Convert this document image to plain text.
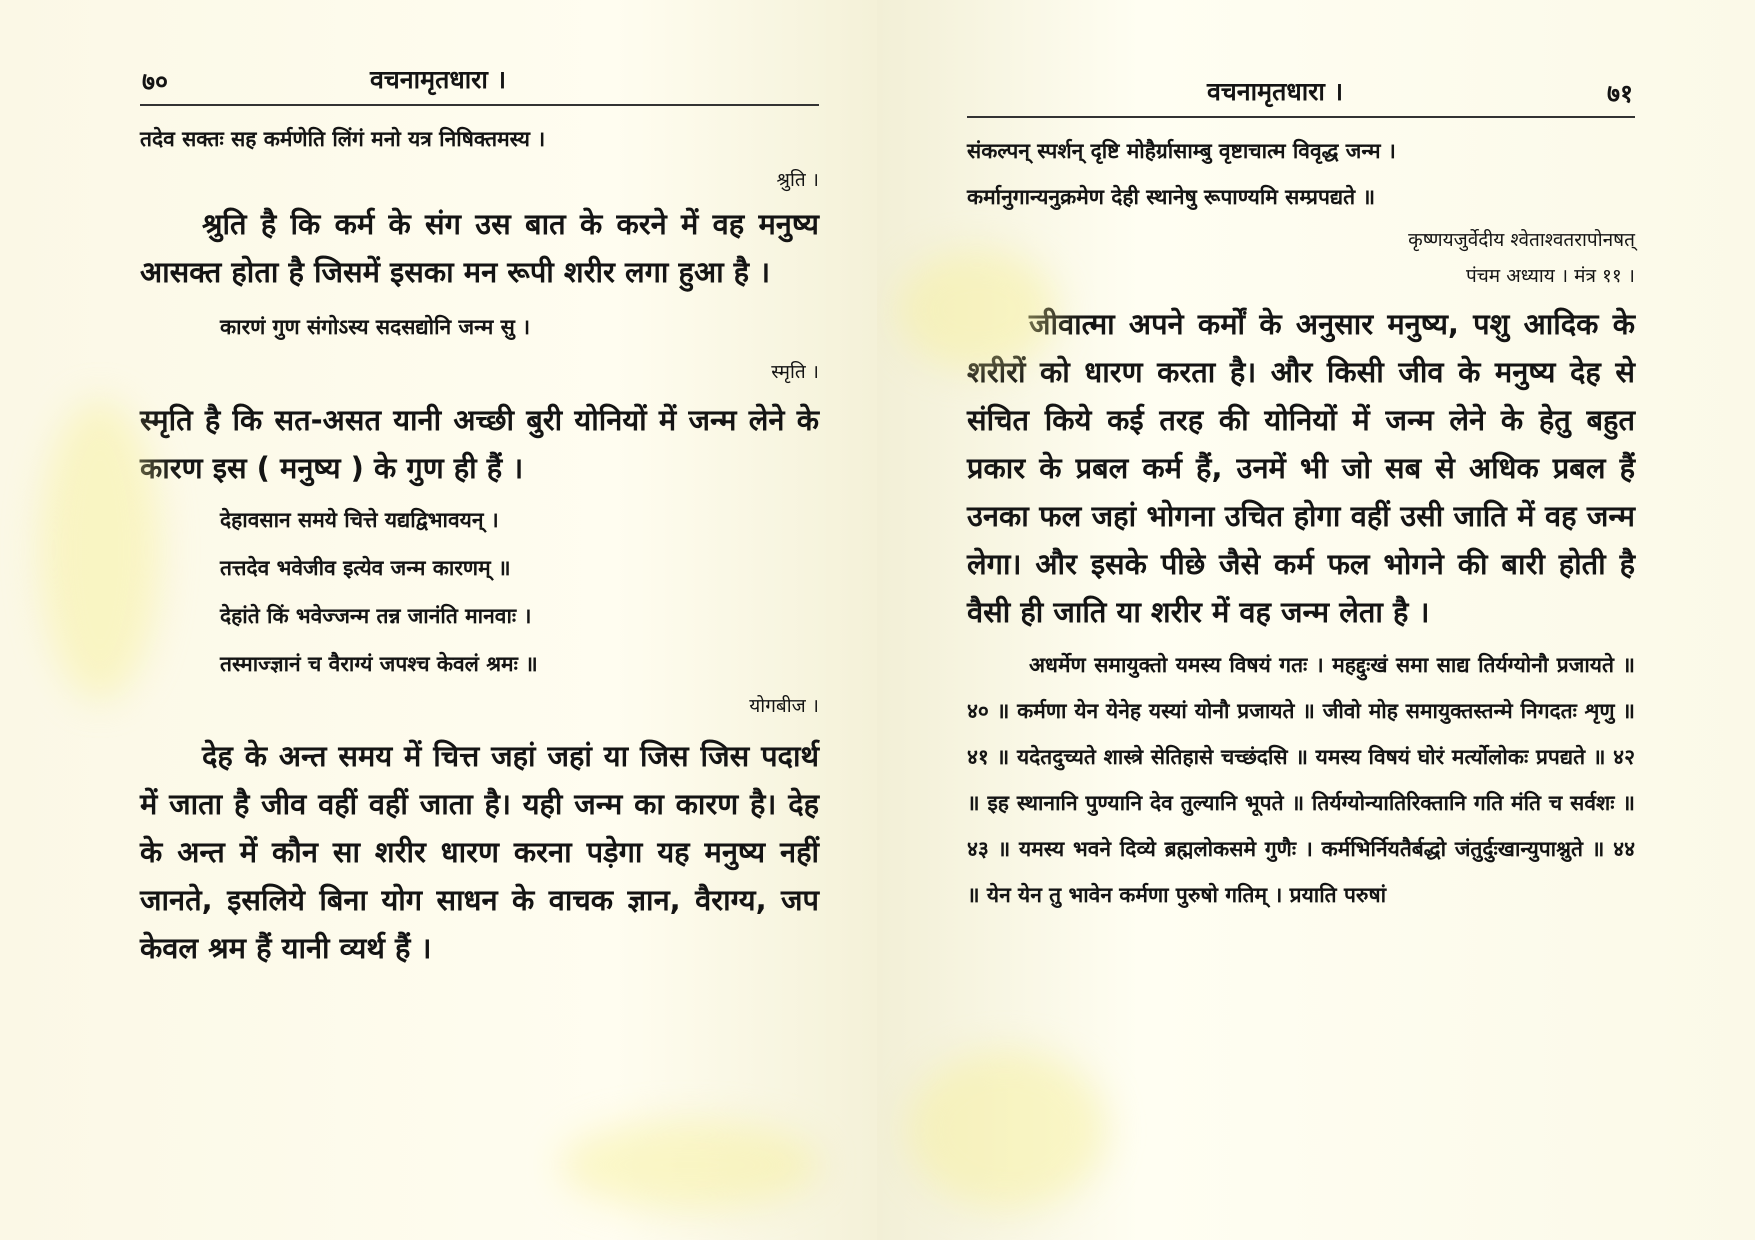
७०	वचनामृतधारा ।

तदेव सक्तः सह कर्मणेति लिंगं मनो यत्र निषिक्तमस्य ।

श्रुति ।

श्रुति है कि कर्म के संग उस बात के करने में वह मनुष्य आसक्त होता है जिसमें इसका मन रूपी शरीर लगा हुआ है ।

कारणं गुण संगोऽस्य सदसद्योनि जन्म सु ।

स्मृति ।

स्मृति है कि सत-असत यानी अच्छी बुरी योनियों में जन्म लेने के कारण इस ( मनुष्य ) के गुण ही हैं ।

देहावसान समये चित्ते यद्यद्विभावयन् ।

तत्तदेव भवेजीव इत्येव जन्म कारणम् ॥

देहांते किं भवेज्जन्म तन्न जानंति मानवाः ।

तस्माज्ज्ञानं च वैराग्यं जपश्च केवलं श्रमः ॥

योगबीज ।

देह के अन्त समय में चित्त जहां जहां या जिस जिस पदार्थ में जाता है जीव वहीं वहीं जाता है। यही जन्म का कारण है। देह के अन्त में कौन सा शरीर धारण करना पड़ेगा यह मनुष्य नहीं जानते, इसलिये बिना योग साधन के वाचक ज्ञान, वैराग्य, जप केवल श्रम हैं यानी व्यर्थ हैं ।

वचनामृतधारा ।	७१

संकल्पन् स्पर्शन् दृष्टि मोहैर्ग्रासाम्बु वृष्टाचात्म विवृद्ध जन्म ।

कर्मानुगान्यनुक्रमेण देही स्थानेषु रूपाण्यमि सम्प्रपद्यते ॥

कृष्णयजुर्वेदीय श्वेताश्वतरापोनषत्

पंचम अध्याय । मंत्र ११ ।

जीवात्मा अपने कर्मों के अनुसार मनुष्य, पशु आदिक के शरीरों को धारण करता है। और किसी जीव के मनुष्य देह से संचित किये कई तरह की योनियों में जन्म लेने के हेतु बहुत प्रकार के प्रबल कर्म हैं, उनमें भी जो सब से अधिक प्रबल हैं उनका फल जहां भोगना उचित होगा वहीं उसी जाति में वह जन्म लेगा। और इसके पीछे जैसे कर्म फल भोगने की बारी होती है वैसी ही जाति या शरीर में वह जन्म लेता है ।

अधर्मेण समायुक्तो यमस्य विषयं गतः । महद्दुःखं समा साद्य तिर्यग्योनौ प्रजायते ॥ ४० ॥ कर्मणा येन येनेह यस्यां योनौ प्रजायते ॥ जीवो मोह समायुक्तस्तन्मे निगदतः शृणु ॥ ४१ ॥ यदेतदुच्यते शास्त्रे सेतिहासे चच्छंदसि ॥ यमस्य विषयं घोरं मर्त्योलोकः प्रपद्यते ॥ ४२ ॥ इह स्थानानि पुण्यानि देव तुल्यानि भूपते ॥ तिर्यग्योन्यातिरिक्तानि गति मंति च सर्वशः ॥ ४३ ॥ यमस्य भवने दिव्ये ब्रह्मलोकसमे गुणैः । कर्मभिर्नियतैर्बद्धो जंतुर्दुःखान्युपाश्नुते ॥ ४४ ॥ येन येन तु भावेन कर्मणा पुरुषो गतिम् । प्रयाति परुषां
